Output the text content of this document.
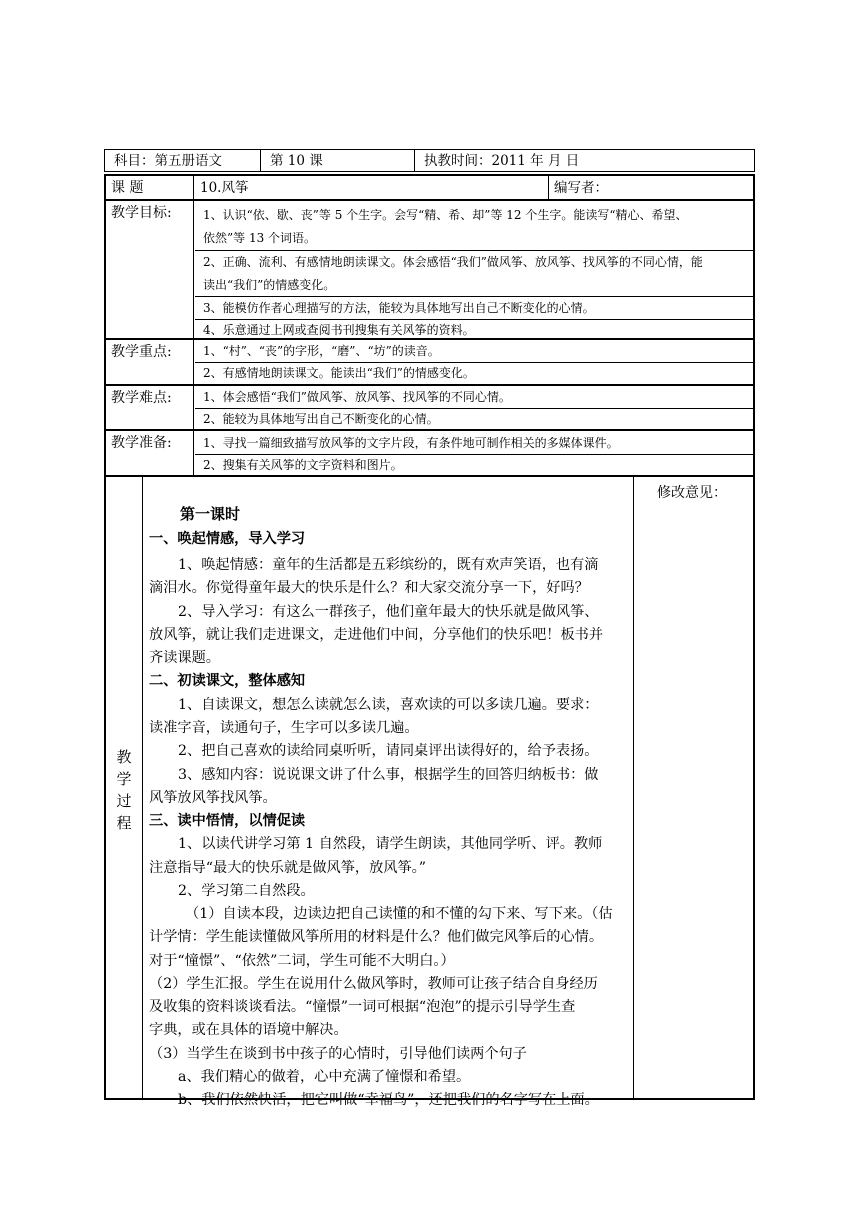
科目：第五册语文	第 10 课	执教时间：2011 年 月 日
课 题	10.风筝	编写者：
教学目标:	1、认识“依、歇、丧”等 5 个生字。会写“精、希、却”等 12 个生字。能读写“精心、希望、
依然”等 13 个词语。
2、正确、流利、有感情地朗读课文。体会感悟“我们”做风筝、放风筝、找风筝的不同心情，能
读出“我们”的情感变化。
3、能模仿作者心理描写的方法，能较为具体地写出自己不断变化的心情。
4、乐意通过上网或查阅书刊搜集有关风筝的资料。
教学重点:	1、“村”、“丧”的字形，“磨”、“坊”的读音。
2、有感情地朗读课文。能读出“我们”的情感变化。
教学难点:	1、体会感悟“我们”做风筝、放风筝、找风筝的不同心情。
2、能较为具体地写出自己不断变化的心情。
教学准备:	1、寻找一篇细致描写放风筝的文字片段，有条件地可制作相关的多媒体课件。
2、搜集有关风筝的文字资料和图片。
教
学
过
程
第一课时
一、唤起情感，导入学习
1、唤起情感：童年的生活都是五彩缤纷的，既有欢声笑语，也有滴
滴泪水。你觉得童年最大的快乐是什么？和大家交流分享一下，好吗？
2、导入学习：有这么一群孩子，他们童年最大的快乐就是做风筝、
放风筝，就让我们走进课文，走进他们中间，分享他们的快乐吧！板书并
齐读课题。
二、初读课文，整体感知
1、自读课文，想怎么读就怎么读，喜欢读的可以多读几遍。要求：
读准字音，读通句子，生字可以多读几遍。
2、把自己喜欢的读给同桌听听，请同桌评出读得好的，给予表扬。
3、感知内容：说说课文讲了什么事，根据学生的回答归纳板书：做
风筝放风筝找风筝。
三、读中悟情，以情促读
1、以读代讲学习第 1 自然段，请学生朗读，其他同学听、评。教师
注意指导“最大的快乐就是做风筝，放风筝。”
2、学习第二自然段。
（1）自读本段，边读边把自己读懂的和不懂的勾下来、写下来。（估
计学情：学生能读懂做风筝所用的材料是什么？他们做完风筝后的心情。
对于“憧憬”、“依然”二词，学生可能不大明白。）
（2）学生汇报。学生在说用什么做风筝时，教师可让孩子结合自身经历
及收集的资料谈谈看法。“憧憬”一词可根据“泡泡”的提示引导学生查
字典，或在具体的语境中解决。
（3）当学生在谈到书中孩子的心情时，引导他们读两个句子
a、我们精心的做着，心中充满了憧憬和希望。
b、我们依然快活，把它叫做“幸福鸟”，还把我们的名字写在上面。
修改意见：
